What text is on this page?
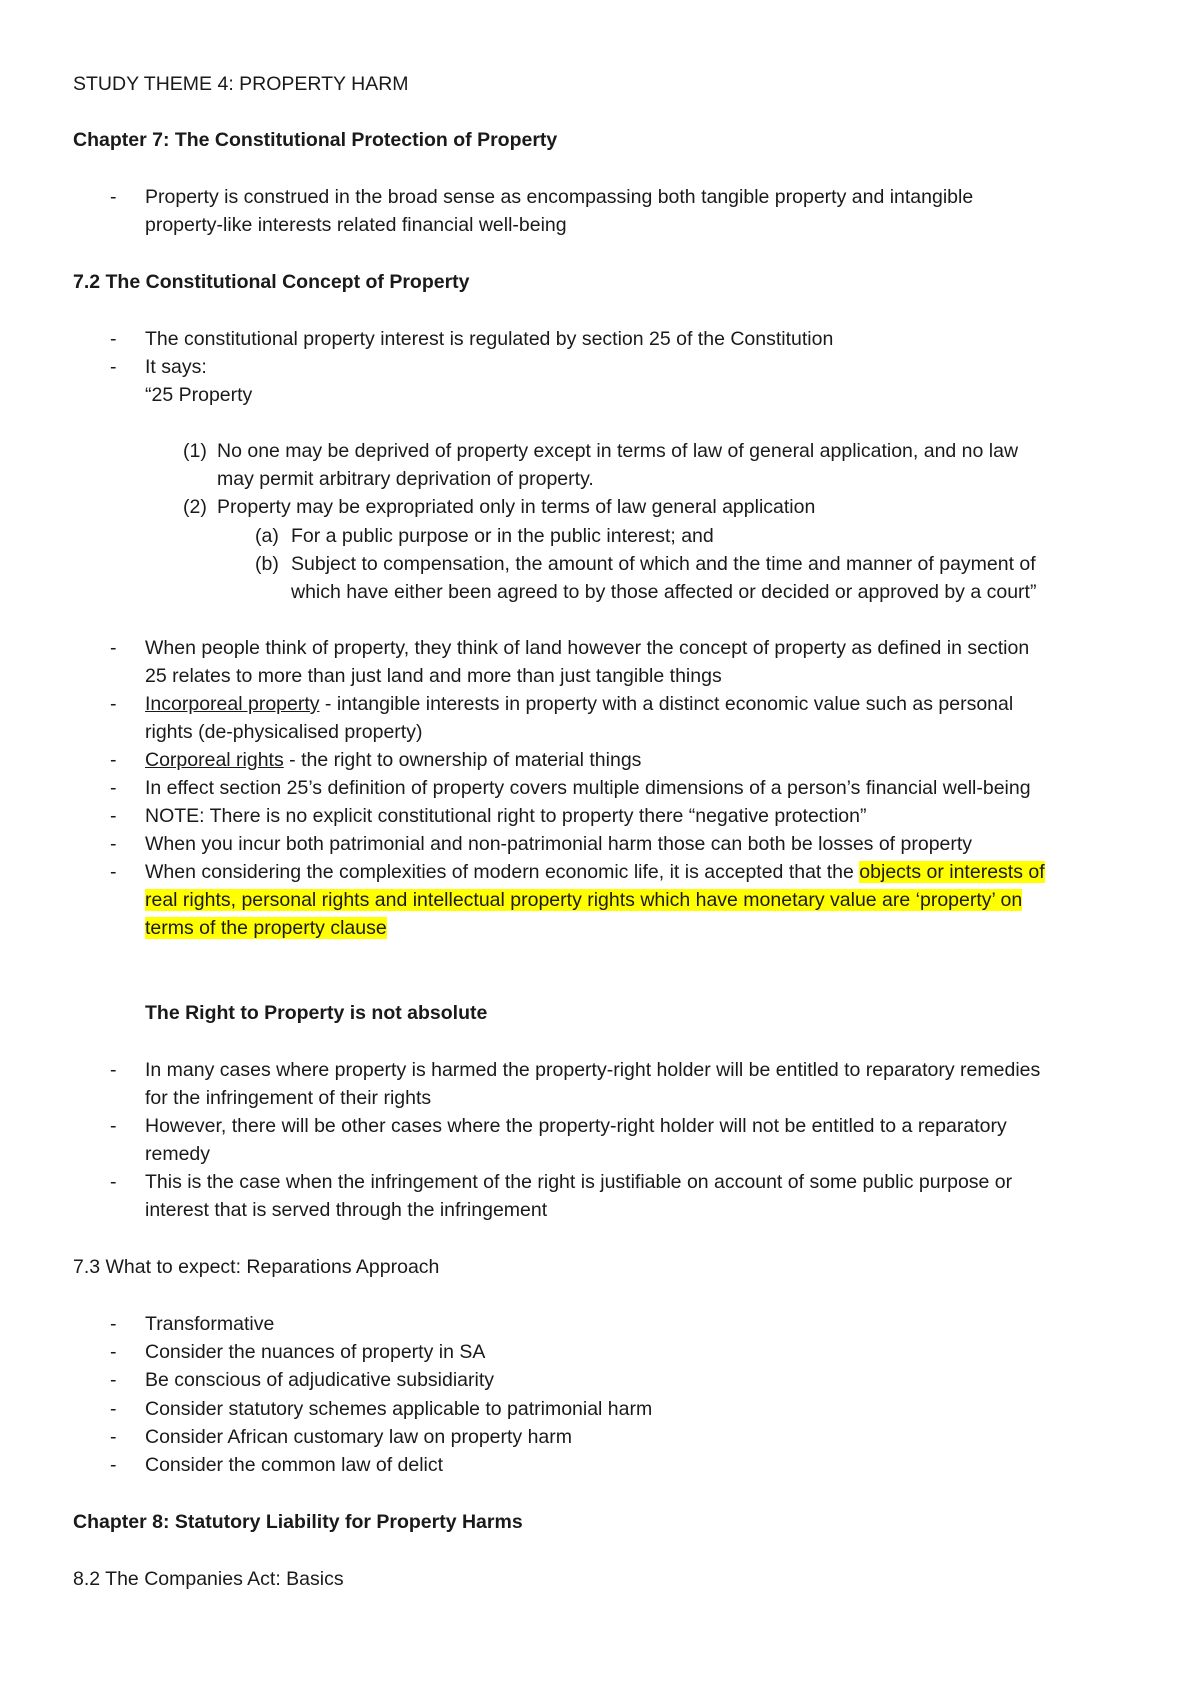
STUDY THEME 4: PROPERTY HARM
Chapter 7: The Constitutional Protection of Property
- Property is construed in the broad sense as encompassing both tangible property and intangible
property-like interests related financial well-being
7.2 The Constitutional Concept of Property
- The constitutional property interest is regulated by section 25 of the Constitution
- It says:
“25 Property
(1) No one may be deprived of property except in terms of law of general application, and no law
may permit arbitrary deprivation of property.
(2) Property may be expropriated only in terms of law general application
(a) For a public purpose or in the public interest; and
(b) Subject to compensation, the amount of which and the time and manner of payment of
which have either been agreed to by those affected or decided or approved by a court”
- When people think of property, they think of land however the concept of property as defined in section
25 relates to more than just land and more than just tangible things
- Incorporeal property - intangible interests in property with a distinct economic value such as personal
rights (de-physicalised property)
- Corporeal rights - the right to ownership of material things
- In effect section 25’s definition of property covers multiple dimensions of a person’s financial well-being
- NOTE: There is no explicit constitutional right to property there “negative protection”
- When you incur both patrimonial and non-patrimonial harm those can both be losses of property
- When considering the complexities of modern economic life, it is accepted that the objects or interests of
real rights, personal rights and intellectual property rights which have monetary value are ‘property’ on
terms of the property clause
The Right to Property is not absolute
- In many cases where property is harmed the property-right holder will be entitled to reparatory remedies
for the infringement of their rights
- However, there will be other cases where the property-right holder will not be entitled to a reparatory
remedy
- This is the case when the infringement of the right is justifiable on account of some public purpose or
interest that is served through the infringement
7.3 What to expect: Reparations Approach
- Transformative
- Consider the nuances of property in SA
- Be conscious of adjudicative subsidiarity
- Consider statutory schemes applicable to patrimonial harm
- Consider African customary law on property harm
- Consider the common law of delict
Chapter 8: Statutory Liability for Property Harms
8.2 The Companies Act: Basics
